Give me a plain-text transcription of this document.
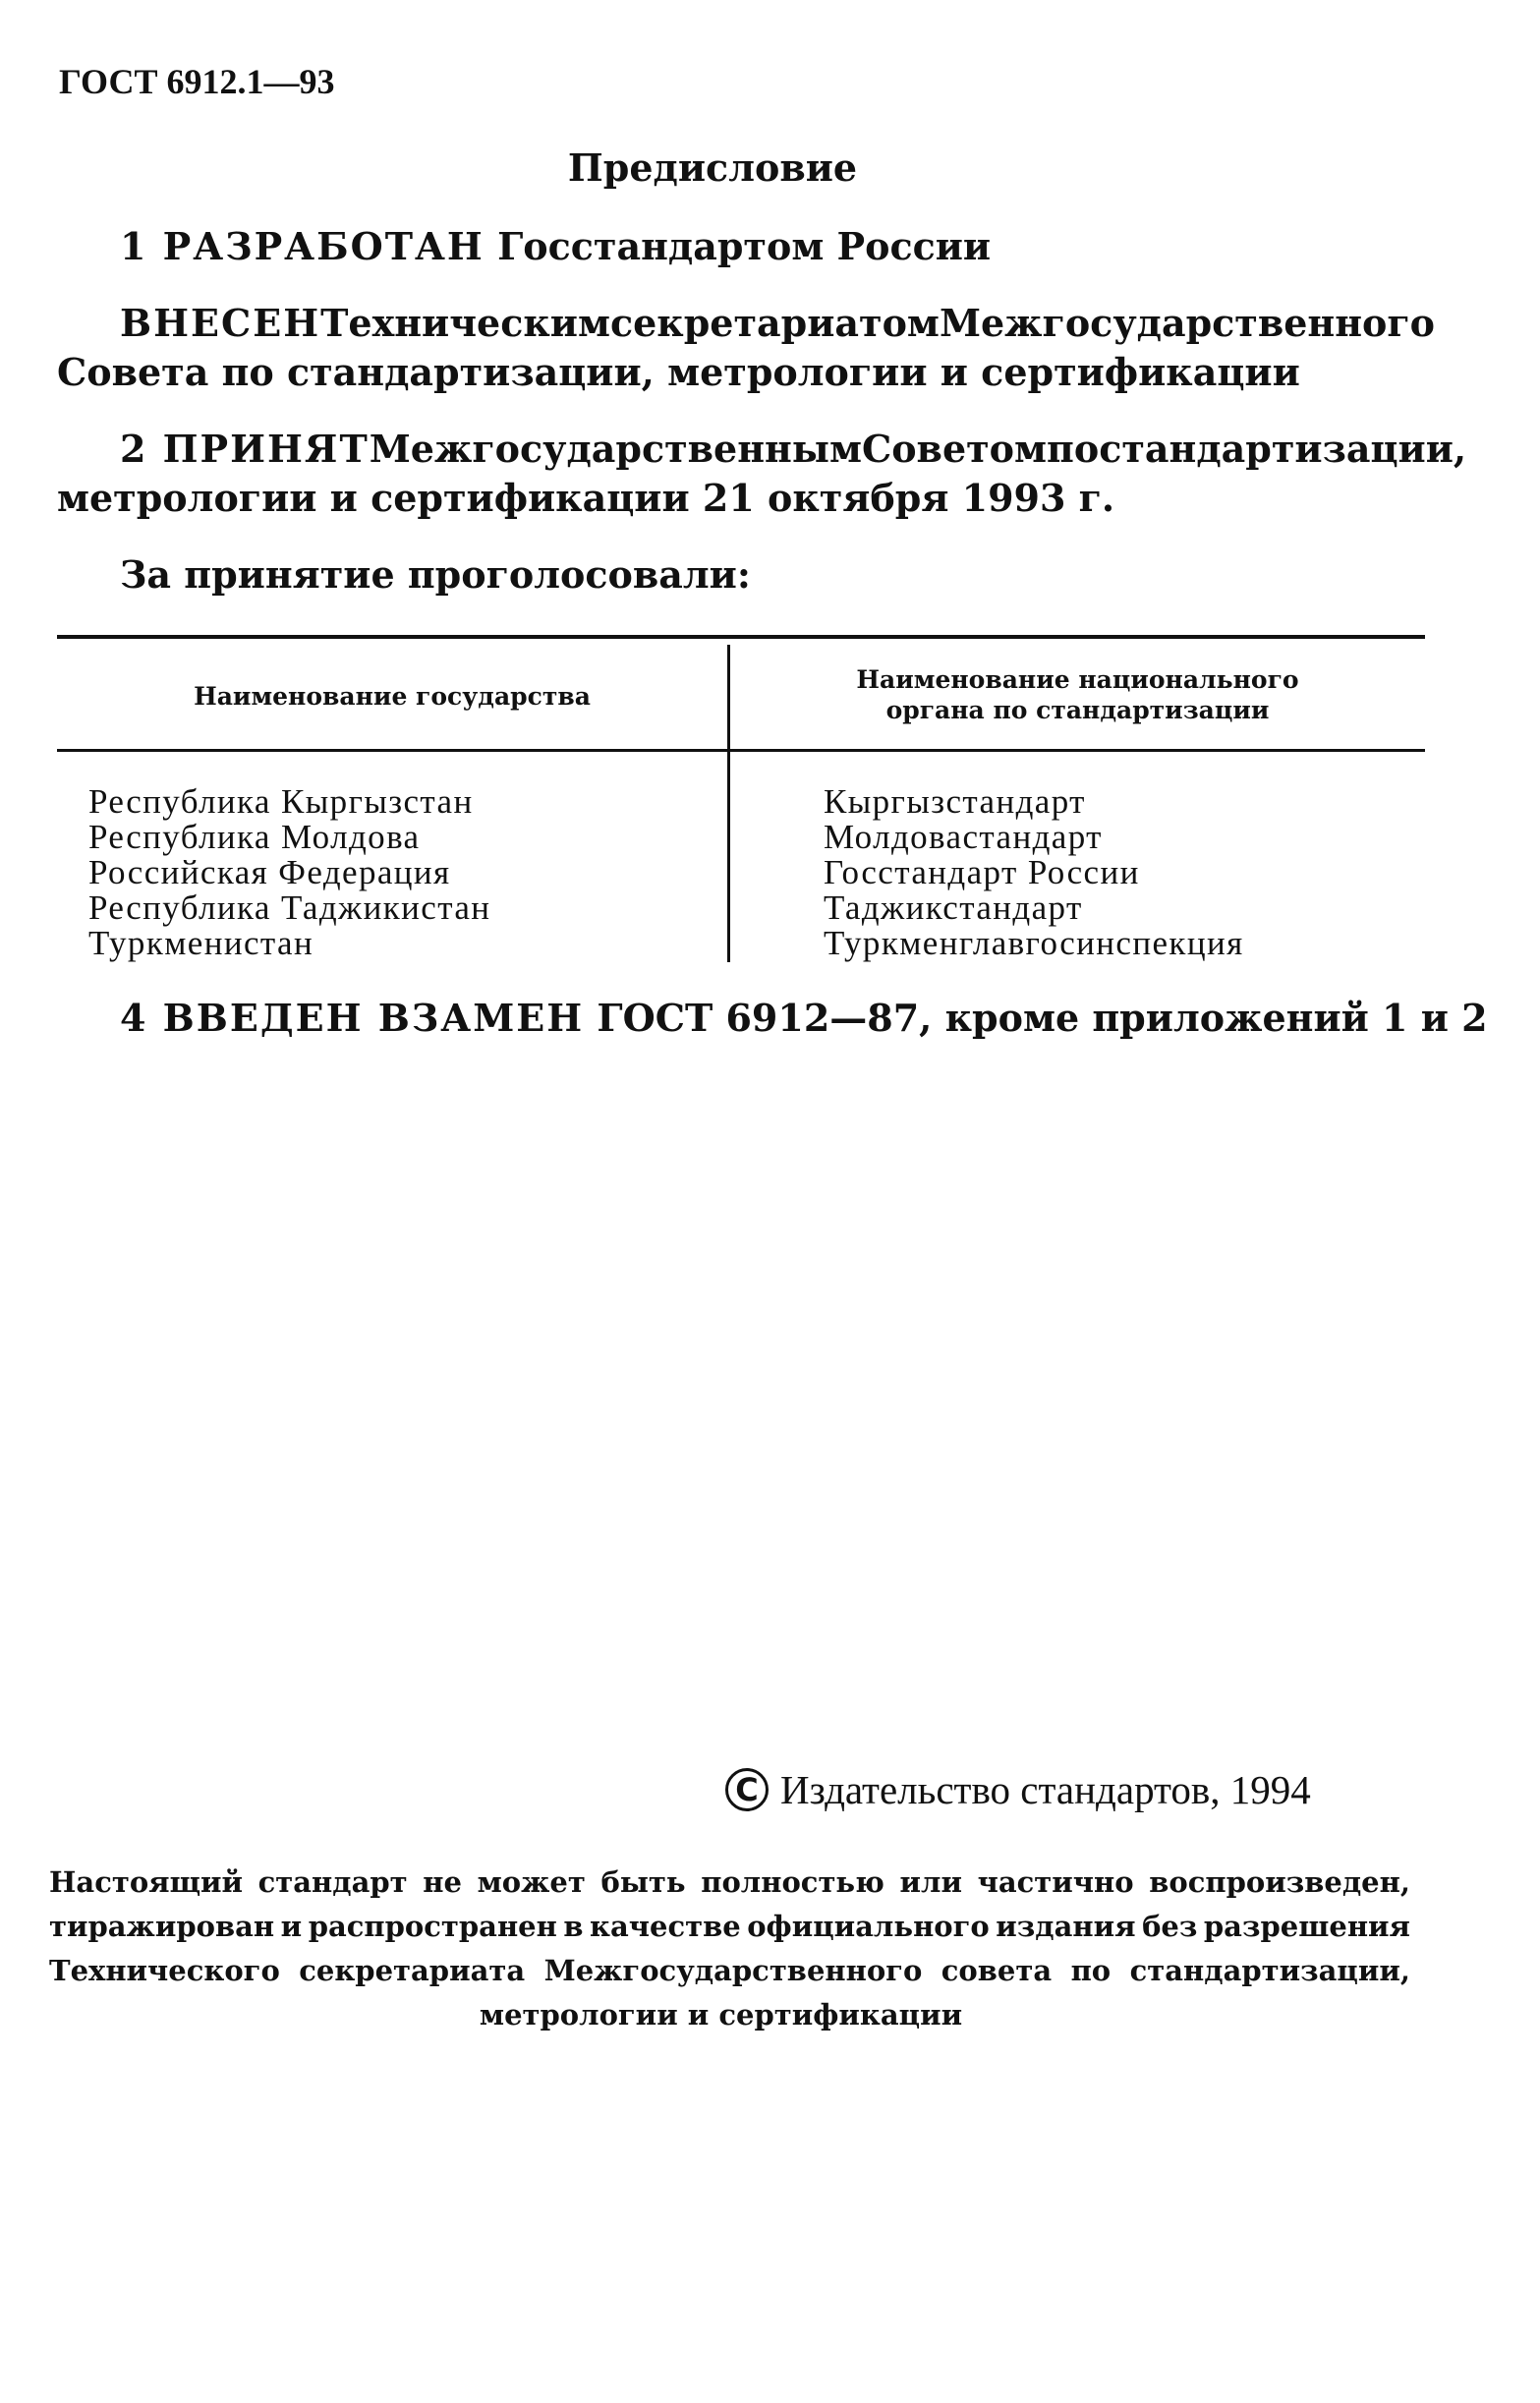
ГОСТ 6912.1—93
Предисловие
1 РАЗРАБОТАН Госстандартом России
ВНЕСЕН Техническим секретариатом Межгосударственного
Совета по стандартизации, метрологии и сертификации
2 ПРИНЯТ Межгосударственным Советом по стандартизации,
метрологии и сертификации 21 октября 1993 г.
За принятие проголосовали:
Наименование государства
Наименование национального
органа по стандартизации
Республика Кыргызстан
Республика Молдова
Российская Федерация
Республика Таджикистан
Туркменистан
Кыргызстандарт
Молдовастандарт
Госстандарт России
Таджикстандарт
Туркменглавгосинспекция
4 ВВЕДЕН ВЗАМЕН ГОСТ 6912—87, кроме приложений 1 и 2
С Издательство стандартов, 1994
Настоящий стандарт не может быть полностью или частично воспроизведен,
тиражирован и распространен в качестве официального издания без разрешения
Технического секретариата Межгосударственного совета по стандартизации,
метрологии и сертификации
